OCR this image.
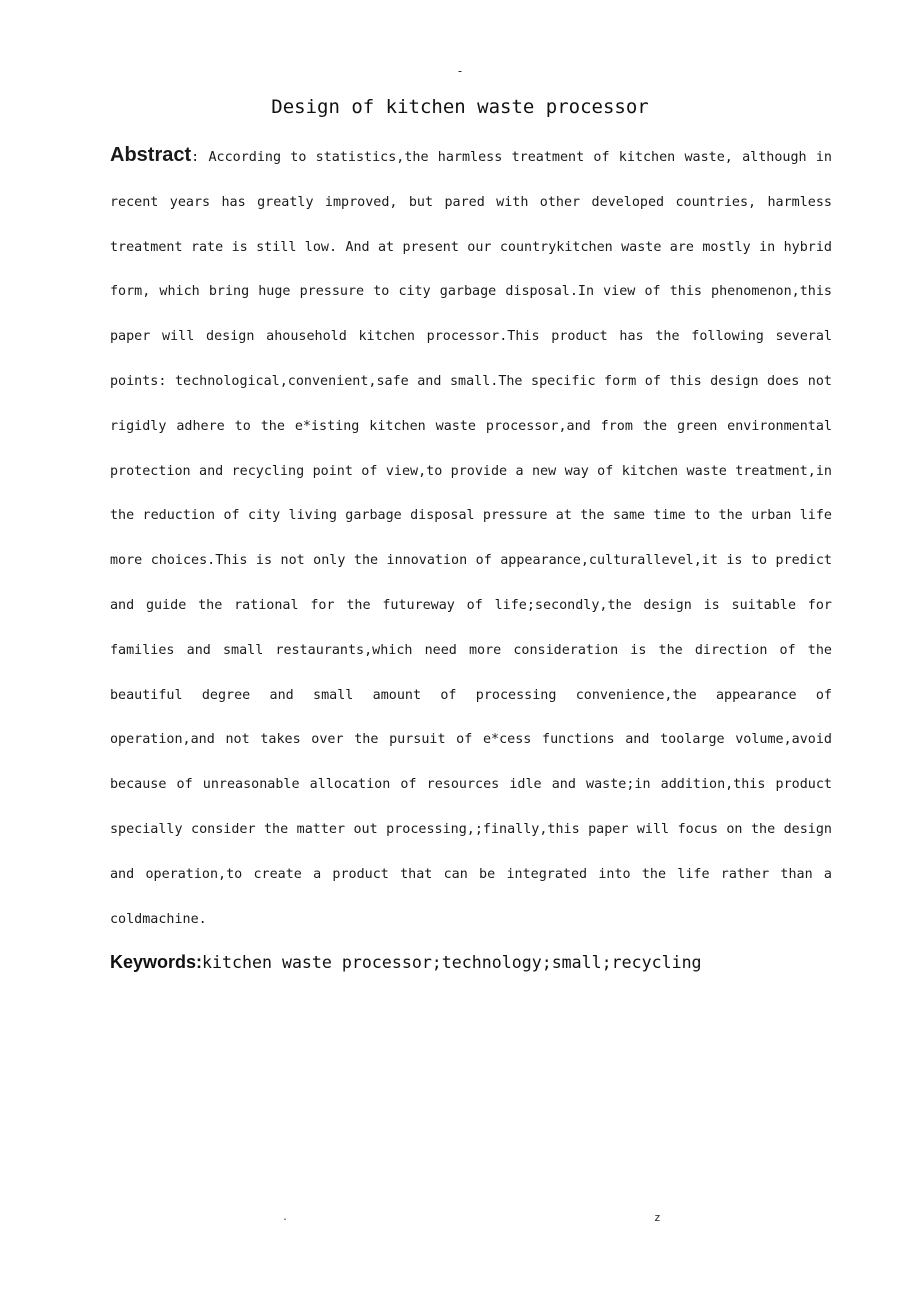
-
Design of kitchen waste processor
Abstract: According to statistics,the harmless treatment of kitchen waste, although in recent years has greatly improved, but pared with other developed countries, harmless treatment rate is still low. And at present our countrykitchen waste are mostly in hybrid form, which bring huge pressure to city garbage disposal.In view of this phenomenon,this paper will design ahousehold kitchen processor.This product has the following several points: technological,convenient,safe and small.The specific form of this design does not rigidly adhere to the e*isting kitchen waste processor,and from the green environmental protection and recycling point of view,to provide a new way of kitchen waste treatment,in the reduction of city living garbage disposal pressure at the same time to the urban life more choices.This is not only the innovation of appearance,culturallevel,it is to predict and guide the rational for the futureway of life;secondly,the design is suitable for families and small restaurants,which need more consideration is the direction of the beautiful degree and small amount of processing convenience,the appearance of operation,and not takes over the pursuit of e*cess functions and toolarge volume,avoid because of unreasonable allocation of resources idle and waste;in addition,this product specially consider the matter out processing,;finally,this paper will focus on the design and operation,to create a product that can be integrated into the life rather than a coldmachine.
Keywords:kitchen waste processor;technology;small;recycling
.	z
